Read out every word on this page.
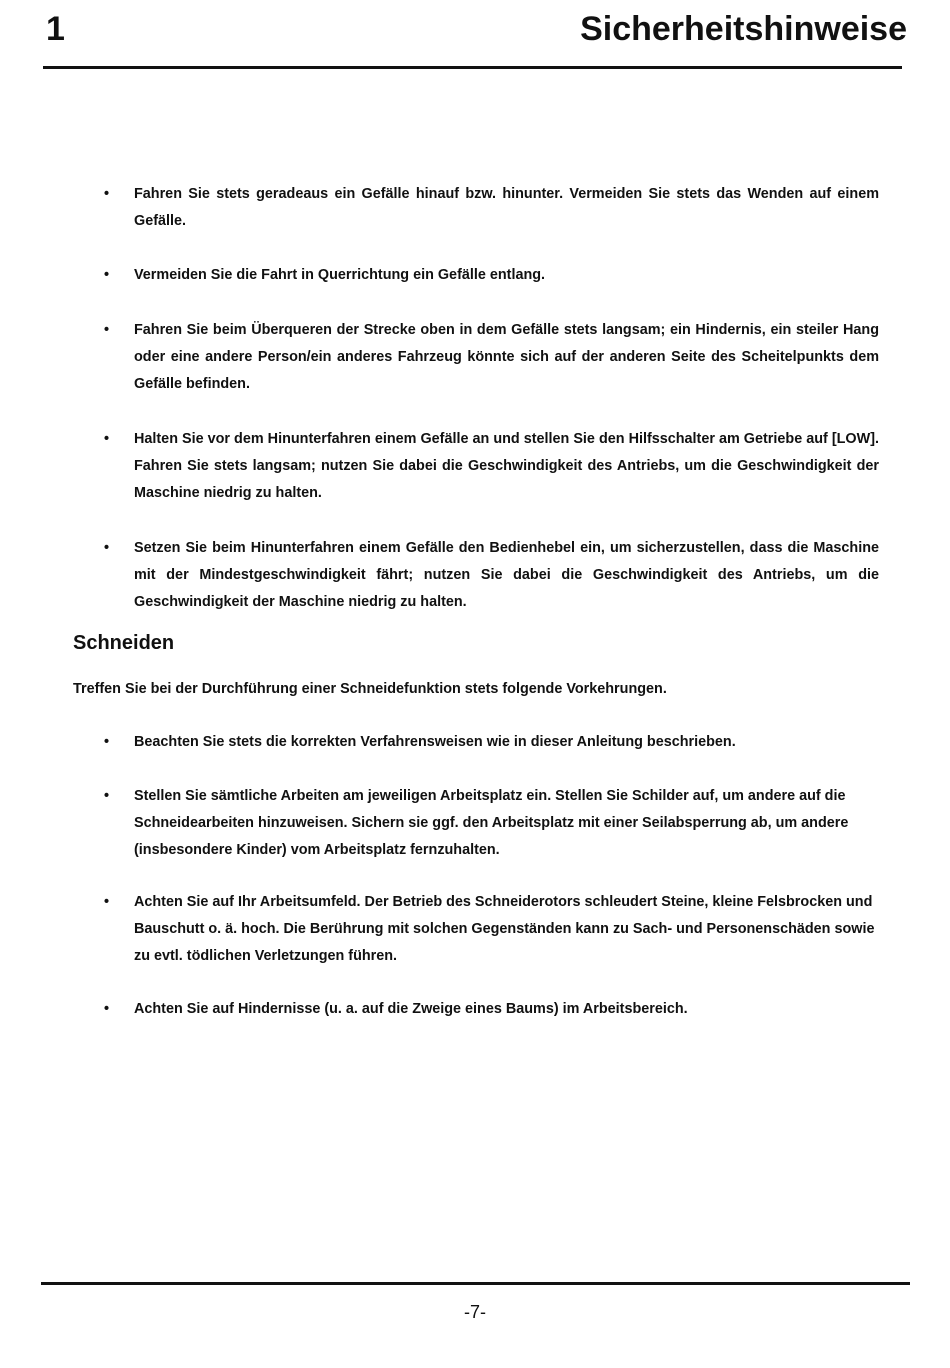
1	Sicherheitshinweise
• Fahren Sie stets geradeaus ein Gefälle hinauf bzw. hinunter. Vermeiden Sie stets das Wenden auf einem Gefälle.
• Vermeiden Sie die Fahrt in Querrichtung ein Gefälle entlang.
• Fahren Sie beim Überqueren der Strecke oben in dem Gefälle stets langsam; ein Hindernis, ein steiler Hang oder eine andere Person/ein anderes Fahrzeug könnte sich auf der anderen Seite des Scheitelpunkts dem Gefälle befinden.
• Halten Sie vor dem Hinunterfahren einem Gefälle an und stellen Sie den Hilfsschalter am Getriebe auf [LOW]. Fahren Sie stets langsam; nutzen Sie dabei die Geschwindigkeit des Antriebs, um die Geschwindigkeit der Maschine niedrig zu halten.
• Setzen Sie beim Hinunterfahren einem Gefälle den Bedienhebel ein, um sicherzustellen, dass die Maschine mit der Mindestgeschwindigkeit fährt; nutzen Sie dabei die Geschwindigkeit des Antriebs, um die Geschwindigkeit der Maschine niedrig zu halten.
Schneiden
Treffen Sie bei der Durchführung einer Schneidefunktion stets folgende Vorkehrungen.
• Beachten Sie stets die korrekten Verfahrensweisen wie in dieser Anleitung beschrieben.
• Stellen Sie sämtliche Arbeiten am jeweiligen Arbeitsplatz ein. Stellen Sie Schilder auf, um andere auf die Schneidearbeiten hinzuweisen. Sichern sie ggf. den Arbeitsplatz mit einer Seilabsperrung ab, um andere (insbesondere Kinder) vom Arbeitsplatz fernzuhalten.
• Achten Sie auf Ihr Arbeitsumfeld. Der Betrieb des Schneiderotors schleudert Steine, kleine Felsbrocken und Bauschutt o. ä. hoch. Die Berührung mit solchen Gegenständen kann zu Sach- und Personenschäden sowie zu evtl. tödlichen Verletzungen führen.
• Achten Sie auf Hindernisse (u. a. auf die Zweige eines Baums) im Arbeitsbereich.
-7-
